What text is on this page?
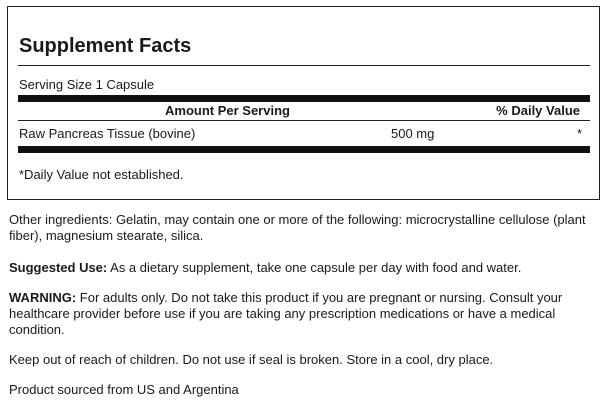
Supplement Facts
Serving Size 1 Capsule
Amount Per Serving	% Daily Value
Raw Pancreas Tissue (bovine)	500 mg	*
*Daily Value not established.

Other ingredients: Gelatin, may contain one or more of the following: microcrystalline cellulose (plant fiber), magnesium stearate, silica.

Suggested Use: As a dietary supplement, take one capsule per day with food and water.

WARNING: For adults only. Do not take this product if you are pregnant or nursing. Consult your healthcare provider before use if you are taking any prescription medications or have a medical condition.

Keep out of reach of children. Do not use if seal is broken. Store in a cool, dry place.

Product sourced from US and Argentina
